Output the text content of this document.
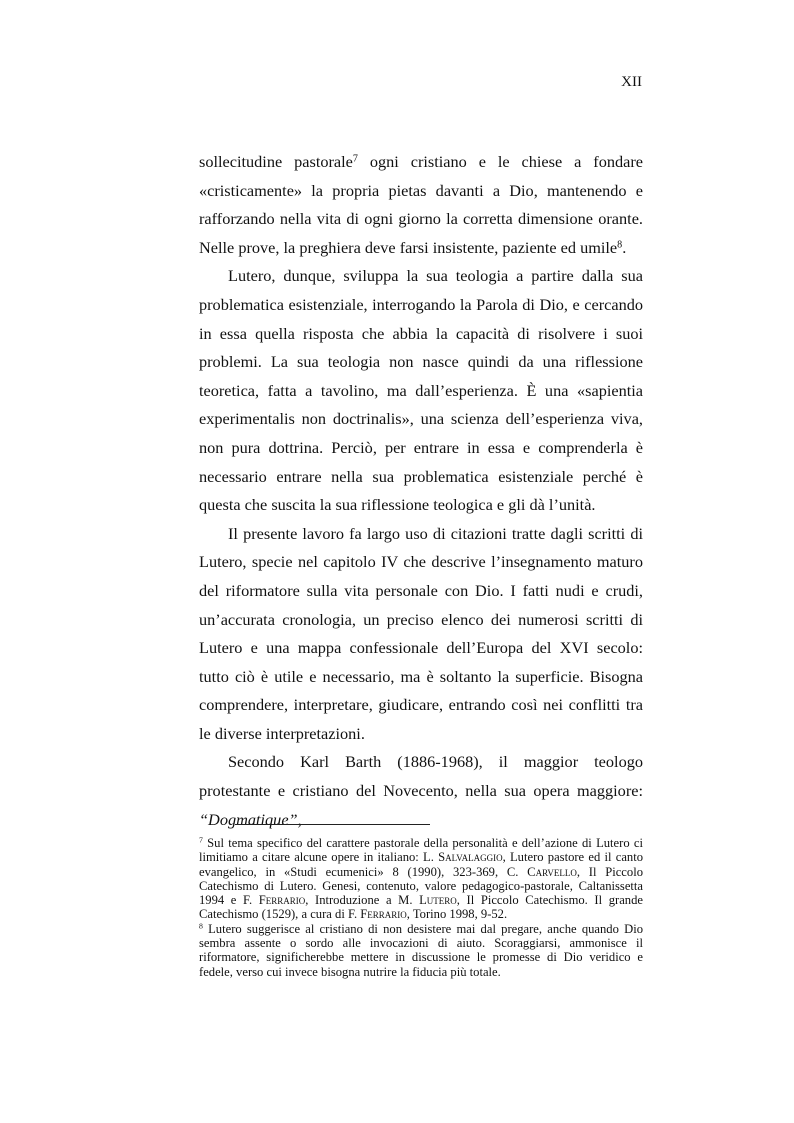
XII

sollecitudine pastorale$^7$ ogni cristiano e le chiese a fondare «cristicamente» la propria pietas davanti a Dio, mantenendo e rafforzando nella vita di ogni giorno la corretta dimensione orante. Nelle prove, la preghiera deve farsi insistente, paziente ed umile$^8$.

Lutero, dunque, sviluppa la sua teologia a partire dalla sua problematica esistenziale, interrogando la Parola di Dio, e cercando in essa quella risposta che abbia la capacità di risolvere i suoi problemi. La sua teologia non nasce quindi da una riflessione teoretica, fatta a tavolino, ma dall’esperienza. È una «sapientia experimentalis non doctrinalis», una scienza dell’esperienza viva, non pura dottrina. Perciò, per entrare in essa e comprenderla è necessario entrare nella sua problematica esistenziale perché è questa che suscita la sua riflessione teologica e gli dà l’unità.

Il presente lavoro fa largo uso di citazioni tratte dagli scritti di Lutero, specie nel capitolo IV che descrive l’insegnamento maturo del riformatore sulla vita personale con Dio. I fatti nudi e crudi, un’accurata cronologia, un preciso elenco dei numerosi scritti di Lutero e una mappa confessionale dell’Europa del XVI secolo: tutto ciò è utile e necessario, ma è soltanto la superficie. Bisogna comprendere, interpretare, giudicare, entrando così nei conflitti tra le diverse interpretazioni.

Secondo Karl Barth (1886-1968), il maggior teologo protestante e cristiano del Novecento, nella sua opera maggiore: “Dogmatique”,

$^7$ Sul tema specifico del carattere pastorale della personalità e dell’azione di Lutero ci limitiamo a citare alcune opere in italiano: L. Salvalaggio, Lutero pastore ed il canto evangelico, in «Studi ecumenici» 8 (1990), 323-369, C. Carvello, Il Piccolo Catechismo di Lutero. Genesi, contenuto, valore pedagogico-pastorale, Caltanissetta 1994 e F. Ferrario, Introduzione a M. Lutero, Il Piccolo Catechismo. Il grande Catechismo (1529), a cura di F. Ferrario, Torino 1998, 9-52.

$^8$ Lutero suggerisce al cristiano di non desistere mai dal pregare, anche quando Dio sembra assente o sordo alle invocazioni di aiuto. Scoraggiarsi, ammonisce il riformatore, significherebbe mettere in discussione le promesse di Dio veridico e fedele, verso cui invece bisogna nutrire la fiducia più totale.
